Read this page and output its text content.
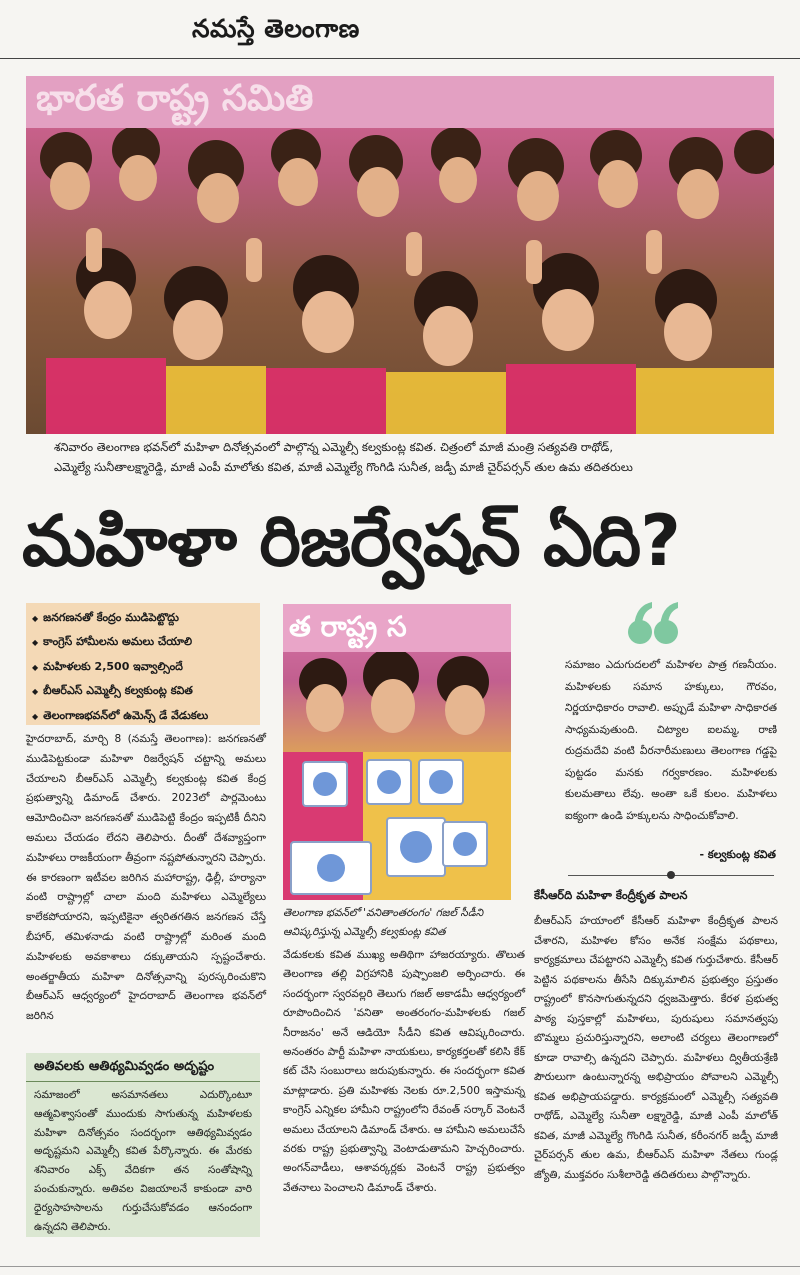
నమస్తే తెలంగాణ
భారత రాష్ట్ర సమితి
శనివారం తెలంగాణ భవన్‌లో మహిళా దినోత్సవంలో పాల్గొన్న ఎమ్మెల్సీ కల్వకుంట్ల కవిత. చిత్రంలో మాజీ మంత్రి సత్యవతి రాథోడ్,
ఎమ్మెల్యే సునీతాలక్ష్మారెడ్డి, మాజీ ఎంపీ మాలోతు కవిత, మాజీ ఎమ్మెల్యే గొంగిడి సునీత, జడ్పీ మాజీ చైర్‌పర్సన్ తుల ఉమ తదితరులు
మహిళా రిజర్వేషన్ ఏది?
◆ జనగణనతో కేంద్రం ముడిపెట్టొద్దు
◆ కాంగ్రెస్ హామీలను అమలు చేయాలి
◆ మహిళలకు 2,500 ఇవ్వాల్సిందే
◆ బీఆర్ఎస్ ఎమ్మెల్సీ కల్వకుంట్ల కవిత
◆ తెలంగాణభవన్‌లో ఉమెన్స్ డే వేడుకలు
హైదరాబాద్, మార్చి 8 (నమస్తే తెలంగాణ): జనగణనతో ముడిపెట్టకుండా మహిళా రిజర్వేషన్ చట్టాన్ని అమలు చేయాలని బీఆర్ఎస్ ఎమ్మెల్సీ కల్వకుంట్ల కవిత కేంద్ర ప్రభుత్వాన్ని డిమాండ్ చేశారు. 2023లో పార్లమెంటు ఆమోదించినా జనగణనతో ముడిపెట్టి కేంద్రం ఇప్పటికీ దీనిని అమలు చేయడం లేదని తెలిపారు. దీంతో దేశవ్యాప్తంగా మహిళలు రాజకీయంగా తీవ్రంగా నష్టపోతున్నారని చెప్పారు. ఈ కారణంగా ఇటీవల జరిగిన మహారాష్ట్ర, ఢిల్లీ, హర్యానా వంటి రాష్ట్రాల్లో చాలా మంది మహిళలు ఎమ్మెల్యేలు కాలేకపోయారని, ఇప్పటికైనా త్వరితగతిన జనగణన చేస్తే బీహార్, తమిళనాడు వంటి రాష్ట్రాల్లో మరింత మంది మహిళలకు అవకాశాలు దక్కుతాయని స్పష్టంచేశారు. అంతర్జాతీయ మహిళా దినోత్సవాన్ని పురస్కరించుకొని బీఆర్ఎస్ ఆధ్వర్యంలో హైదరాబాద్ తెలంగాణ భవన్‌లో జరిగిన
అతివలకు ఆతిథ్యమివ్వడం అదృష్టం

సమాజంలో అసమానతలు ఎదుర్కొంటూ ఆత్మవిశ్వాసంతో ముందుకు సాగుతున్న మహిళలకు మహిళా దినోత్సవం సందర్భంగా ఆతిథ్యమివ్వడం అదృష్టమని ఎమ్మెల్సీ కవిత పేర్కొన్నారు. ఈ మేరకు శనివారం ఎక్స్ వేదికగా తన సంతోషాన్ని పంచుకున్నారు. అతివల విజయాలనే కాకుండా వారి ధైర్యసాహసాలను గుర్తుచేసుకోవడం ఆనందంగా ఉన్నదని తెలిపారు.

త రాష్ట్ర స
తెలంగాణ భవన్‌లో 'వనితాంతరంగం' గజల్ సీడీని ఆవిష్కరిస్తున్న ఎమ్మెల్సీ కల్వకుంట్ల కవిత
వేడుకలకు కవిత ముఖ్య అతిథిగా హాజరయ్యారు. తొలుత తెలంగాణ తల్లి విగ్రహానికి పుష్పాంజలి అర్పించారు. ఈ సందర్భంగా స్వరవల్లరి తెలుగు గజల్ అకాడమీ ఆధ్వర్యంలో రూపొందించిన 'వనితా అంతరంగం-మహిళలకు గజల్ నీరాజనం' అనే ఆడియో సీడీని కవిత ఆవిష్కరించారు. అనంతరం పార్టీ మహిళా నాయకులు, కార్యకర్తలతో కలిసి కేక్ కట్ చేసి సంబురాలు జరుపుకున్నారు. ఈ సందర్భంగా కవిత మాట్లాడారు. ప్రతి మహిళకు నెలకు రూ.2,500 ఇస్తామన్న కాంగ్రెస్ ఎన్నికల హామీని రాష్ట్రంలోని రేవంత్ సర్కార్ వెంటనే అమలు చేయాలని డిమాండ్ చేశారు. ఆ హామీని అమలుచేసే వరకు రాష్ట్ర ప్రభుత్వాన్ని వెంటాడుతామని హెచ్చరించారు. అంగన్‌వాడీలు, ఆశావర్కర్లకు వెంటనే రాష్ట్ర ప్రభుత్వం వేతనాలు పెంచాలని డిమాండ్ చేశారు.
సమాజం ఎదుగుదలలో మహిళల పాత్ర గణనీయం. మహిళలకు సమాన హక్కులు, గౌరవం, నిర్ణయాధికారం రావాలి. అప్పుడే మహిళా సాధికారత సాధ్యమవుతుంది. చిట్యాల ఐలమ్మ, రాణి రుద్రమదేవి వంటి వీరనారీమణులు తెలంగాణ గడ్డపై పుట్టడం మనకు గర్వకారణం. మహిళలకు కులమతాలు లేవు. అంతా ఒకే కులం. మహిళలు ఐక్యంగా ఉండి హక్కులను సాధించుకోవాలి.
- కల్వకుంట్ల కవిత
కేసీఆర్‌ది మహిళా కేంద్రీకృత పాలన
బీఆర్ఎస్ హయాంలో కేసీఆర్ మహిళా కేంద్రీకృత పాలన చేశారని, మహిళల కోసం అనేక సంక్షేమ పథకాలు, కార్యక్రమాలు చేపట్టారని ఎమ్మెల్సీ కవిత గుర్తుచేశారు. కేసీఆర్ పెట్టిన పథకాలను తీసేసి దిక్కుమాలిన ప్రభుత్వం ప్రస్తుతం రాష్ట్రంలో కొనసాగుతున్నదని ధ్వజమెత్తారు. కేరళ ప్రభుత్వ పాఠ్య పుస్తకాల్లో మహిళలు, పురుషులు సమానత్వపు బొమ్మలు ప్రచురిస్తున్నారని, అలాంటి చర్యలు తెలంగాణలో కూడా రావాల్సి ఉన్నదని చెప్పారు. మహిళలు ద్వితీయశ్రేణి పౌరులుగా ఉంటున్నారన్న అభిప్రాయం పోవాలని ఎమ్మెల్సీ కవిత అభిప్రాయపడ్డారు. కార్యక్రమంలో ఎమ్మెల్సీ సత్యవతి రాథోడ్, ఎమ్మెల్యే సునీతా లక్ష్మారెడ్డి, మాజీ ఎంపీ మాలోత్ కవిత, మాజీ ఎమ్మెల్యే గొంగిడి సునీత, కరీంనగర్ జడ్పీ మాజీ చైర్‌పర్సన్ తుల ఉమ, బీఆర్ఎస్ మహిళా నేతలు గుండ్ల జ్యోతి, ముక్తవరం సుశీలారెడ్డి తదితరులు పాల్గొన్నారు.
